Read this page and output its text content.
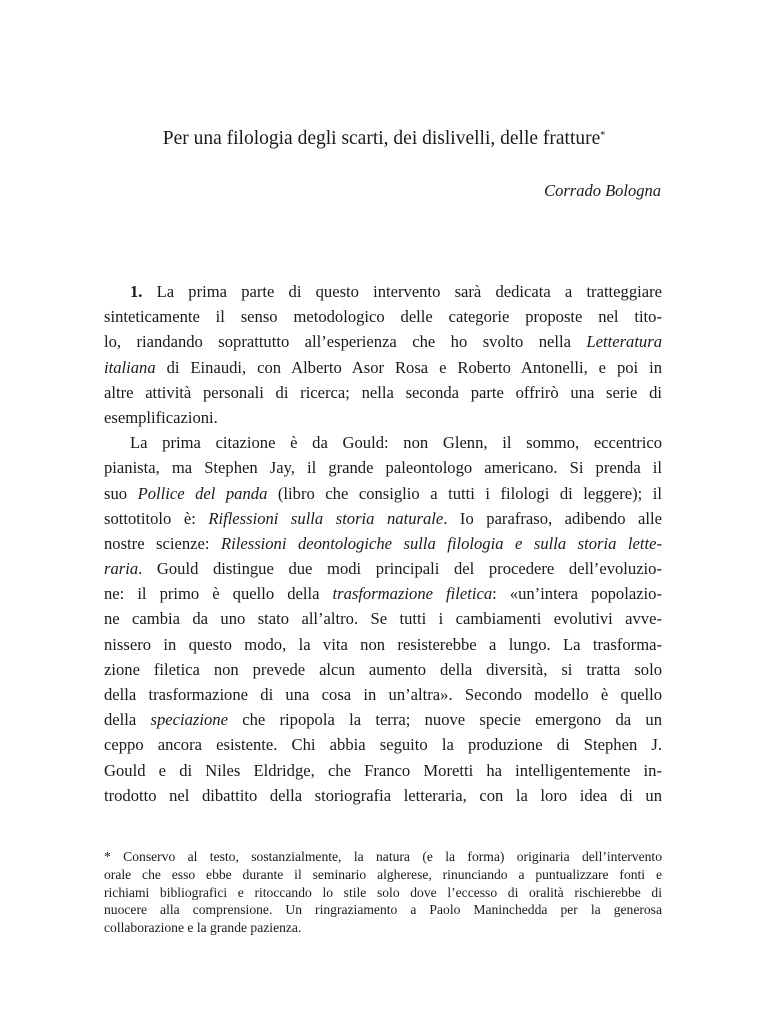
Per una filologia degli scarti, dei dislivelli, delle fratture*
Corrado Bologna
1. La prima parte di questo intervento sarà dedicata a tratteggiare
sinteticamente il senso metodologico delle categorie proposte nel tito-
lo, riandando soprattutto all’esperienza che ho svolto nella Letteratura
italiana di Einaudi, con Alberto Asor Rosa e Roberto Antonelli, e poi in
altre attività personali di ricerca; nella seconda parte offrirò una serie di
esemplificazioni.
La prima citazione è da Gould: non Glenn, il sommo, eccentrico
pianista, ma Stephen Jay, il grande paleontologo americano. Si prenda il
suo Pollice del panda (libro che consiglio a tutti i filologi di leggere); il
sottotitolo è: Riflessioni sulla storia naturale. Io parafraso, adibendo alle
nostre scienze: Rilessioni deontologiche sulla filologia e sulla storia lette-
raria. Gould distingue due modi principali del procedere dell’evoluzio-
ne: il primo è quello della trasformazione filetica: «un’intera popolazio-
ne cambia da uno stato all’altro. Se tutti i cambiamenti evolutivi avve-
nissero in questo modo, la vita non resisterebbe a lungo. La trasforma-
zione filetica non prevede alcun aumento della diversità, si tratta solo
della trasformazione di una cosa in un’altra». Secondo modello è quello
della speciazione che ripopola la terra; nuove specie emergono da un
ceppo ancora esistente. Chi abbia seguito la produzione di Stephen J.
Gould e di Niles Eldridge, che Franco Moretti ha intelligentemente in-
trodotto nel dibattito della storiografia letteraria, con la loro idea di un
* Conservo al testo, sostanzialmente, la natura (e la forma) originaria dell’intervento
orale che esso ebbe durante il seminario algherese, rinunciando a puntualizzare fonti e
richiami bibliografici e ritoccando lo stile solo dove l’eccesso di oralità rischierebbe di
nuocere alla comprensione. Un ringraziamento a Paolo Maninchedda per la generosa
collaborazione e la grande pazienza.
